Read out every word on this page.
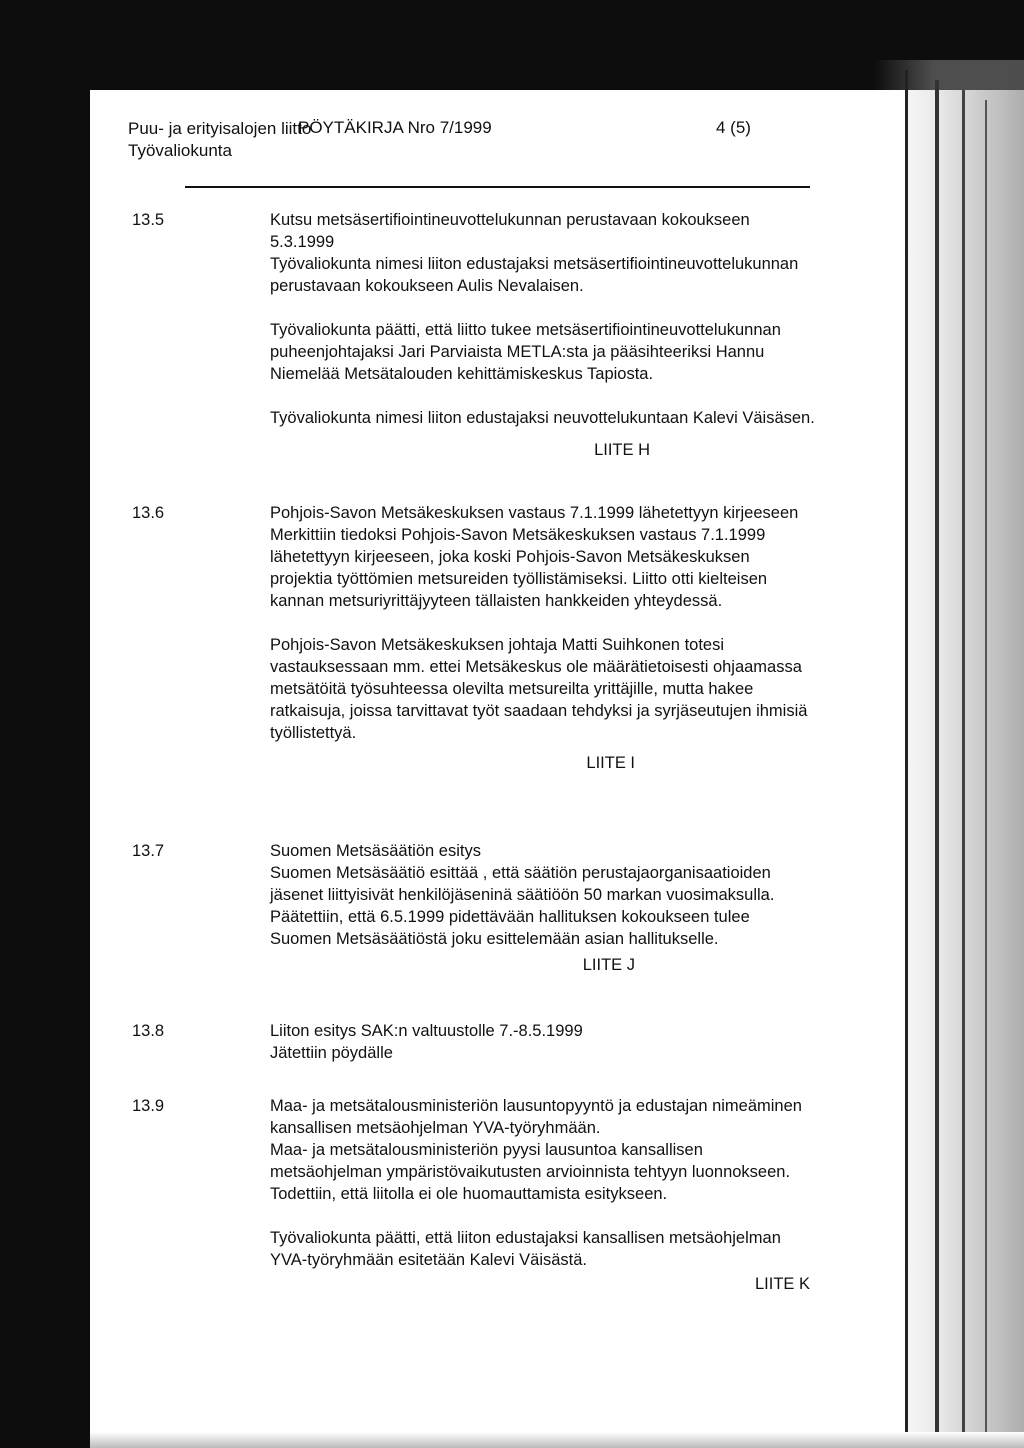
Puu- ja erityisalojen liitto
Työvaliokunta
PÖYTÄKIRJA Nro 7/1999	4 (5)
13.5	Kutsu metsäsertifiointineuvottelukunnan perustavaan kokoukseen 5.3.1999

Työvaliokunta nimesi liiton edustajaksi metsäsertifiointineuvottelukunnan perustavaan kokoukseen Aulis Nevalaisen.

Työvaliokunta päätti, että liitto tukee metsäsertifiointineuvottelukunnan puheenjohtajaksi Jari Parviaista METLA:sta ja pääsihteeriksi Hannu Niemelää Metsätalouden kehittämiskeskus Tapiosta.

Työvaliokunta nimesi liiton edustajaksi neuvottelukuntaan Kalevi Väisäsen.

LIITE H

13.6	Pohjois-Savon Metsäkeskuksen vastaus 7.1.1999 lähetettyyn kirjeeseen

Merkittiin tiedoksi Pohjois-Savon Metsäkeskuksen vastaus 7.1.1999 lähetettyyn kirjeeseen, joka koski Pohjois-Savon Metsäkeskuksen projektia työttömien metsureiden työllistämiseksi. Liitto otti kielteisen kannan metsuriyrittäjyyteen tällaisten hankkeiden yhteydessä.

Pohjois-Savon Metsäkeskuksen johtaja Matti Suihkonen totesi vastauksessaan mm. ettei Metsäkeskus ole määrätietoisesti ohjaamassa metsätöitä työsuhteessa olevilta metsureilta yrittäjille, mutta hakee ratkaisuja, joissa tarvittavat työt saadaan tehdyksi ja syrjäseutujen ihmisiä työllistettyä.

LIITE I

13.7	Suomen Metsäsäätiön esitys

Suomen Metsäsäätiö esittää , että säätiön perustajaorganisaatioiden jäsenet liittyisivät henkilöjäseninä säätiöön 50 markan vuosimaksulla.

Päätettiin, että 6.5.1999 pidettävään hallituksen kokoukseen tulee Suomen Metsäsäätiöstä joku esittelemään asian hallitukselle.

LIITE J

13.8	Liiton esitys SAK:n valtuustolle 7.-8.5.1999

Jätettiin pöydälle

13.9	Maa- ja metsätalousministeriön lausuntopyyntö ja edustajan nimeäminen kansallisen metsäohjelman YVA-työryhmään.

Maa- ja metsätalousministeriön pyysi lausuntoa kansallisen metsäohjelman ympäristövaikutusten arvioinnista tehtyyn luonnokseen.

Todettiin, että liitolla ei ole huomauttamista esitykseen.

Työvaliokunta päätti, että liiton edustajaksi kansallisen metsäohjelman YVA-työryhmään esitetään Kalevi Väisästä.

LIITE K
